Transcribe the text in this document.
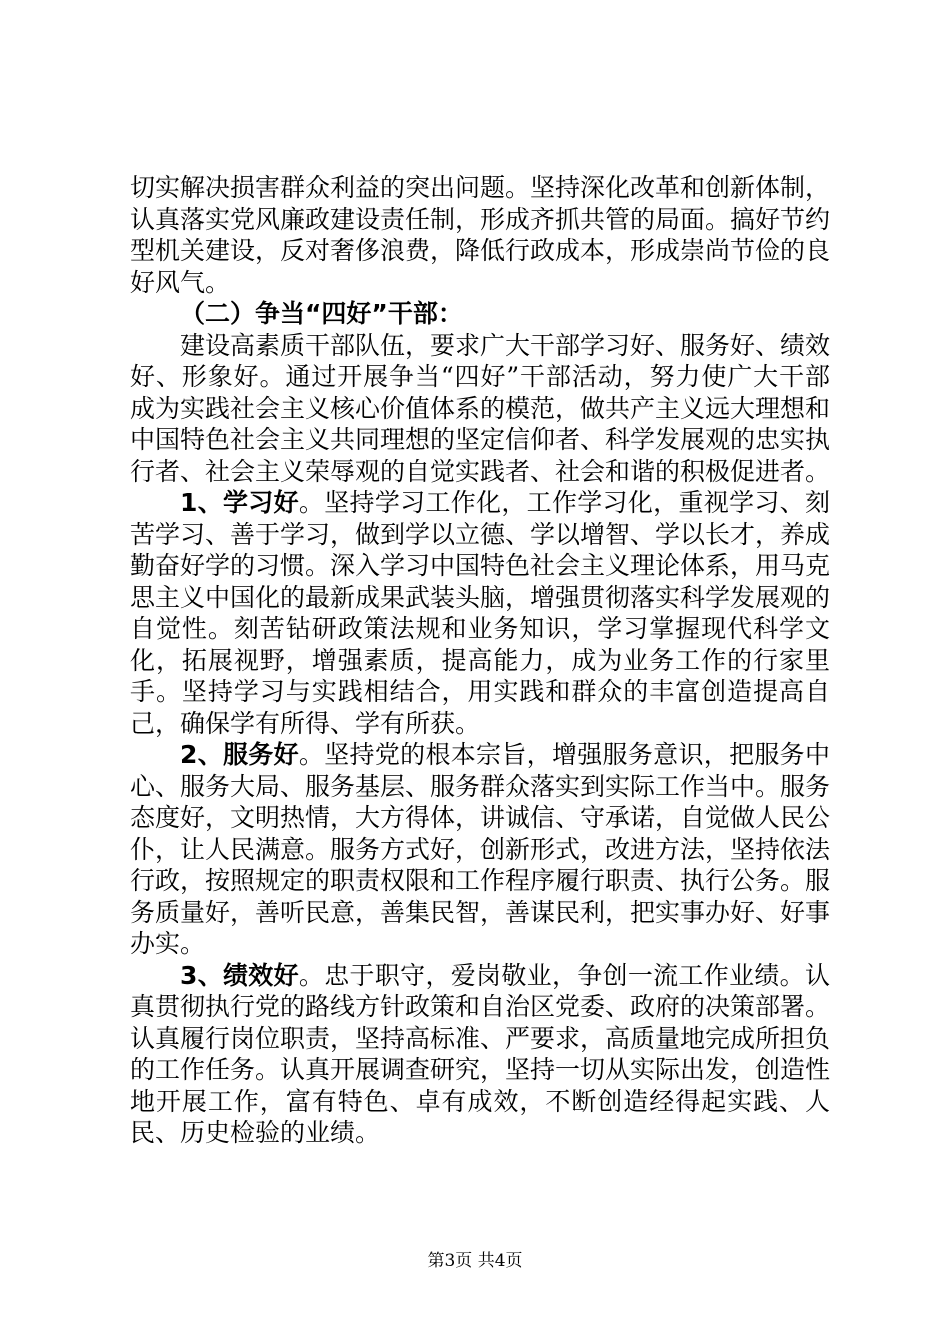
切实解决损害群众利益的突出问题。坚持深化改革和创新体制，认真落实党风廉政建设责任制，形成齐抓共管的局面。搞好节约型机关建设，反对奢侈浪费，降低行政成本，形成崇尚节俭的良好风气。

（二）争当“四好”干部：

建设高素质干部队伍，要求广大干部学习好、服务好、绩效好、形象好。通过开展争当“四好”干部活动，努力使广大干部成为实践社会主义核心价值体系的模范，做共产主义远大理想和中国特色社会主义共同理想的坚定信仰者、科学发展观的忠实执行者、社会主义荣辱观的自觉实践者、社会和谐的积极促进者。

1、学习好。坚持学习工作化，工作学习化，重视学习、刻苦学习、善于学习，做到学以立德、学以增智、学以长才，养成勤奋好学的习惯。深入学习中国特色社会主义理论体系，用马克思主义中国化的最新成果武装头脑，增强贯彻落实科学发展观的自觉性。刻苦钻研政策法规和业务知识，学习掌握现代科学文化，拓展视野，增强素质，提高能力，成为业务工作的行家里手。坚持学习与实践相结合，用实践和群众的丰富创造提高自己，确保学有所得、学有所获。

2、服务好。坚持党的根本宗旨，增强服务意识，把服务中心、服务大局、服务基层、服务群众落实到实际工作当中。服务态度好，文明热情，大方得体，讲诚信、守承诺，自觉做人民公仆，让人民满意。服务方式好，创新形式，改进方法，坚持依法行政，按照规定的职责权限和工作程序履行职责、执行公务。服务质量好，善听民意，善集民智，善谋民利，把实事办好、好事办实。

3、绩效好。忠于职守，爱岗敬业，争创一流工作业绩。认真贯彻执行党的路线方针政策和自治区党委、政府的决策部署。认真履行岗位职责，坚持高标准、严要求，高质量地完成所担负的工作任务。认真开展调查研究，坚持一切从实际出发，创造性地开展工作，富有特色、卓有成效，不断创造经得起实践、人民、历史检验的业绩。

第3页 共4页
